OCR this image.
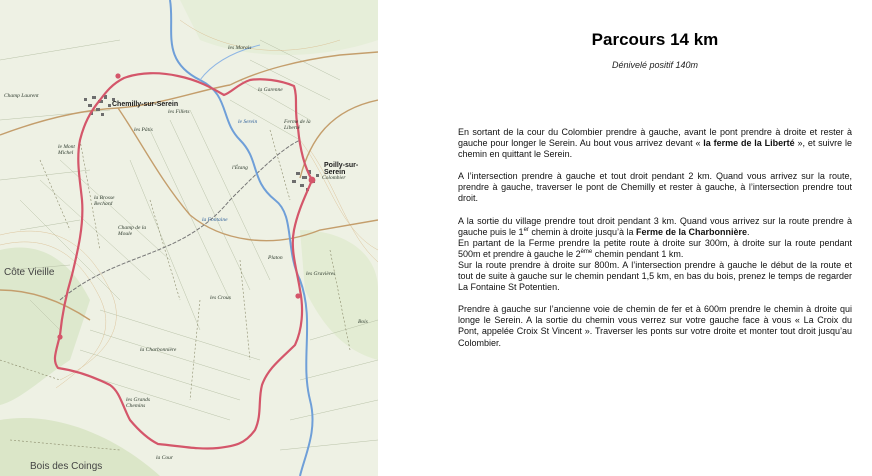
Chemilly-sur-Serein
Poilly-sur-Serein
Côte Vieille
Bois des Coings
Ferme de la Liberté
la Garenne
la Charbonnière
les Grands Chemins
les Croux
les Fillets
l'Étang
la Brosse Bechard
le Mont Michel
les Pâtis
Platon
la Cour
la Fontaine
le Serein
les Gravières
Champ Laurent
les Marais
Colombier
Bois
Champ de la Moule
Parcours 14 km

Dénivelé positif 140m

En sortant de la cour du Colombier prendre à gauche, avant le pont prendre à droite et rester à gauche pour longer le Serein. Au bout vous arrivez devant « la ferme de la Liberté », et suivre le chemin en quittant le Serein.

A l’intersection prendre à gauche et tout droit pendant 2 km. Quand vous arrivez sur la route, prendre à gauche, traverser le pont de Chemilly et rester à gauche, à l’intersection prendre tout droit.

A la sortie du village prendre tout droit pendant 3 km. Quand vous arrivez sur la route prendre à gauche puis le 1er chemin à droite jusqu’à la Ferme de la Charbonnière.
En partant de la Ferme prendre la petite route à droite sur 300m, à droite sur la route pendant 500m et prendre à gauche le 2ème chemin pendant 1 km.
Sur la route prendre à droite sur 800m. A l’intersection prendre à gauche le début de la route et tout de suite à gauche sur le chemin pendant 1,5 km, en bas du bois, prenez le temps de regarder La Fontaine St Potentien.

Prendre à gauche sur l’ancienne voie de chemin de fer et à 600m prendre le chemin à droite qui longe le Serein. A la sortie du chemin vous verrez sur votre gauche face à vous « La Croix du Pont, appelée Croix St Vincent ». Traverser les ponts sur votre droite et monter tout droit jusqu’au Colombier.
